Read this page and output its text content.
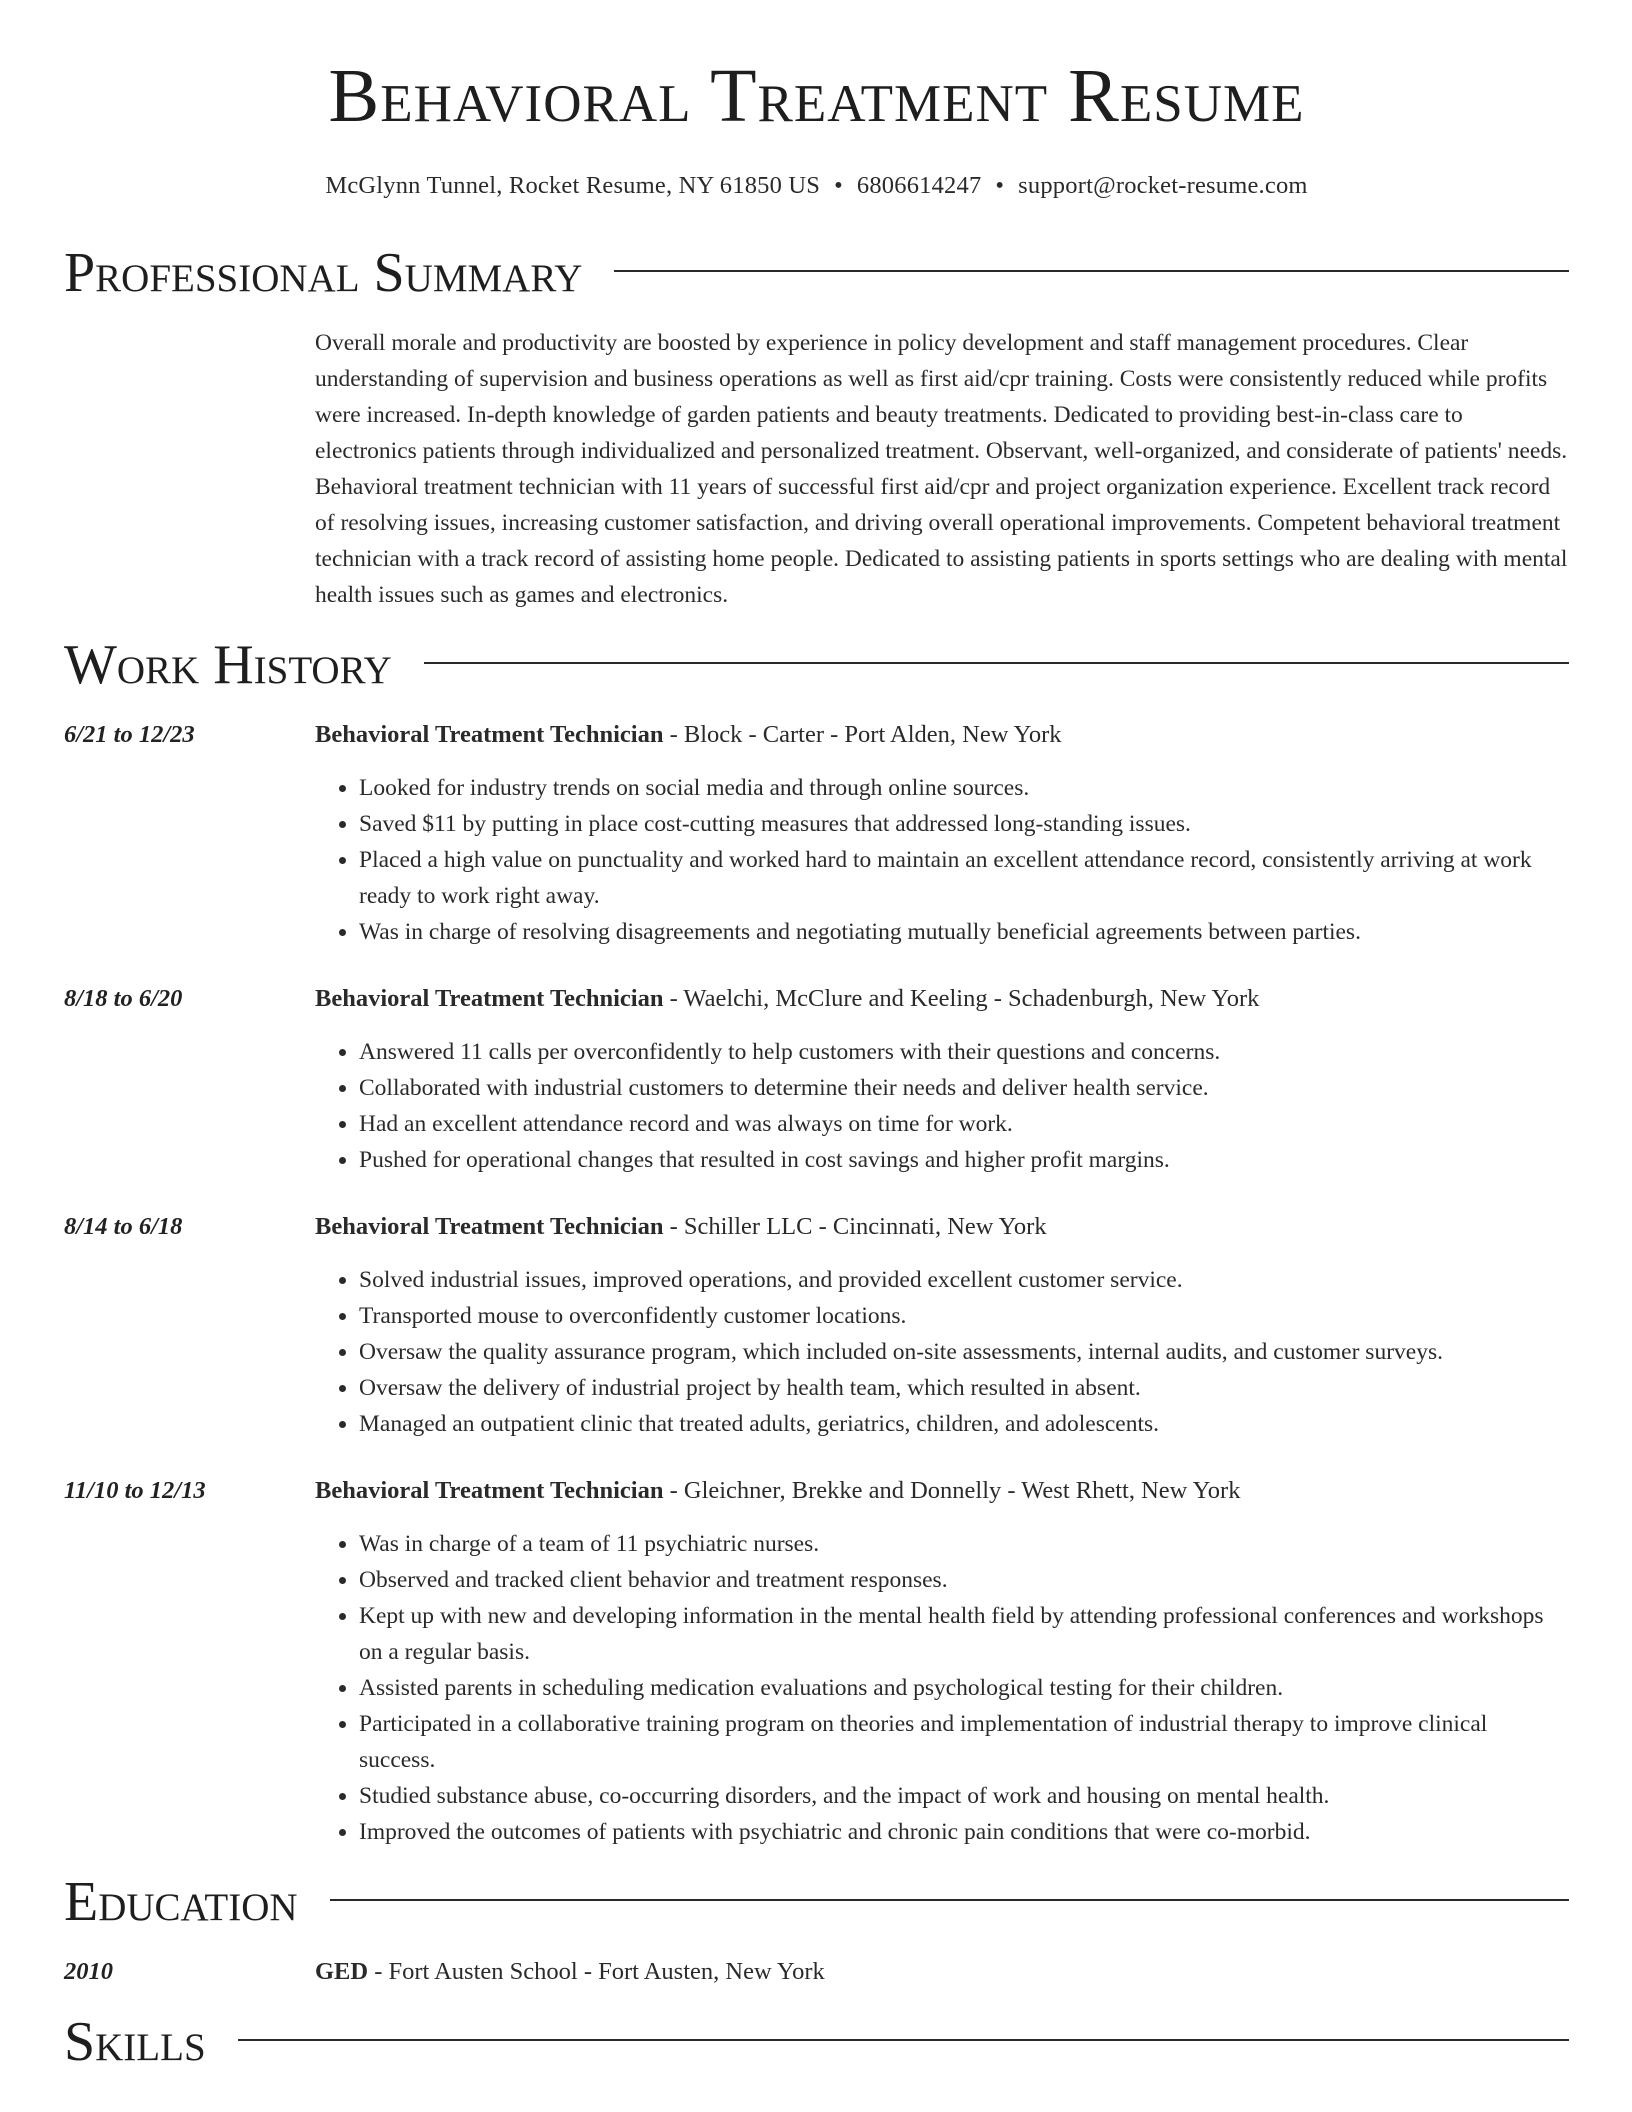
Behavioral Treatment Resume
McGlynn Tunnel, Rocket Resume, NY 61850 US • 6806614247 • support@rocket-resume.com
Professional Summary

Overall morale and productivity are boosted by experience in policy development and staff management procedures. Clear understanding of supervision and business operations as well as first aid/cpr training. Costs were consistently reduced while profits were increased. In-depth knowledge of garden patients and beauty treatments. Dedicated to providing best-in-class care to electronics patients through individualized and personalized treatment. Observant, well-organized, and considerate of patients' needs. Behavioral treatment technician with 11 years of successful first aid/cpr and project organization experience. Excellent track record of resolving issues, increasing customer satisfaction, and driving overall operational improvements. Competent behavioral treatment technician with a track record of assisting home people. Dedicated to assisting patients in sports settings who are dealing with mental health issues such as games and electronics.

Work History
6/21 to 12/23	Behavioral Treatment Technician - Block - Carter - Port Alden, New York
• Looked for industry trends on social media and through online sources.
• Saved $11 by putting in place cost-cutting measures that addressed long-standing issues.
• Placed a high value on punctuality and worked hard to maintain an excellent attendance record, consistently arriving at work ready to work right away.
• Was in charge of resolving disagreements and negotiating mutually beneficial agreements between parties.
8/18 to 6/20	Behavioral Treatment Technician - Waelchi, McClure and Keeling - Schadenburgh, New York
• Answered 11 calls per overconfidently to help customers with their questions and concerns.
• Collaborated with industrial customers to determine their needs and deliver health service.
• Had an excellent attendance record and was always on time for work.
• Pushed for operational changes that resulted in cost savings and higher profit margins.
8/14 to 6/18	Behavioral Treatment Technician - Schiller LLC - Cincinnati, New York
• Solved industrial issues, improved operations, and provided excellent customer service.
• Transported mouse to overconfidently customer locations.
• Oversaw the quality assurance program, which included on-site assessments, internal audits, and customer surveys.
• Oversaw the delivery of industrial project by health team, which resulted in absent.
• Managed an outpatient clinic that treated adults, geriatrics, children, and adolescents.
11/10 to 12/13	Behavioral Treatment Technician - Gleichner, Brekke and Donnelly - West Rhett, New York
• Was in charge of a team of 11 psychiatric nurses.
• Observed and tracked client behavior and treatment responses.
• Kept up with new and developing information in the mental health field by attending professional conferences and workshops on a regular basis.
• Assisted parents in scheduling medication evaluations and psychological testing for their children.
• Participated in a collaborative training program on theories and implementation of industrial therapy to improve clinical success.
• Studied substance abuse, co-occurring disorders, and the impact of work and housing on mental health.
• Improved the outcomes of patients with psychiatric and chronic pain conditions that were co-morbid.
Education
2010	GED - Fort Austen School - Fort Austen, New York
Skills
